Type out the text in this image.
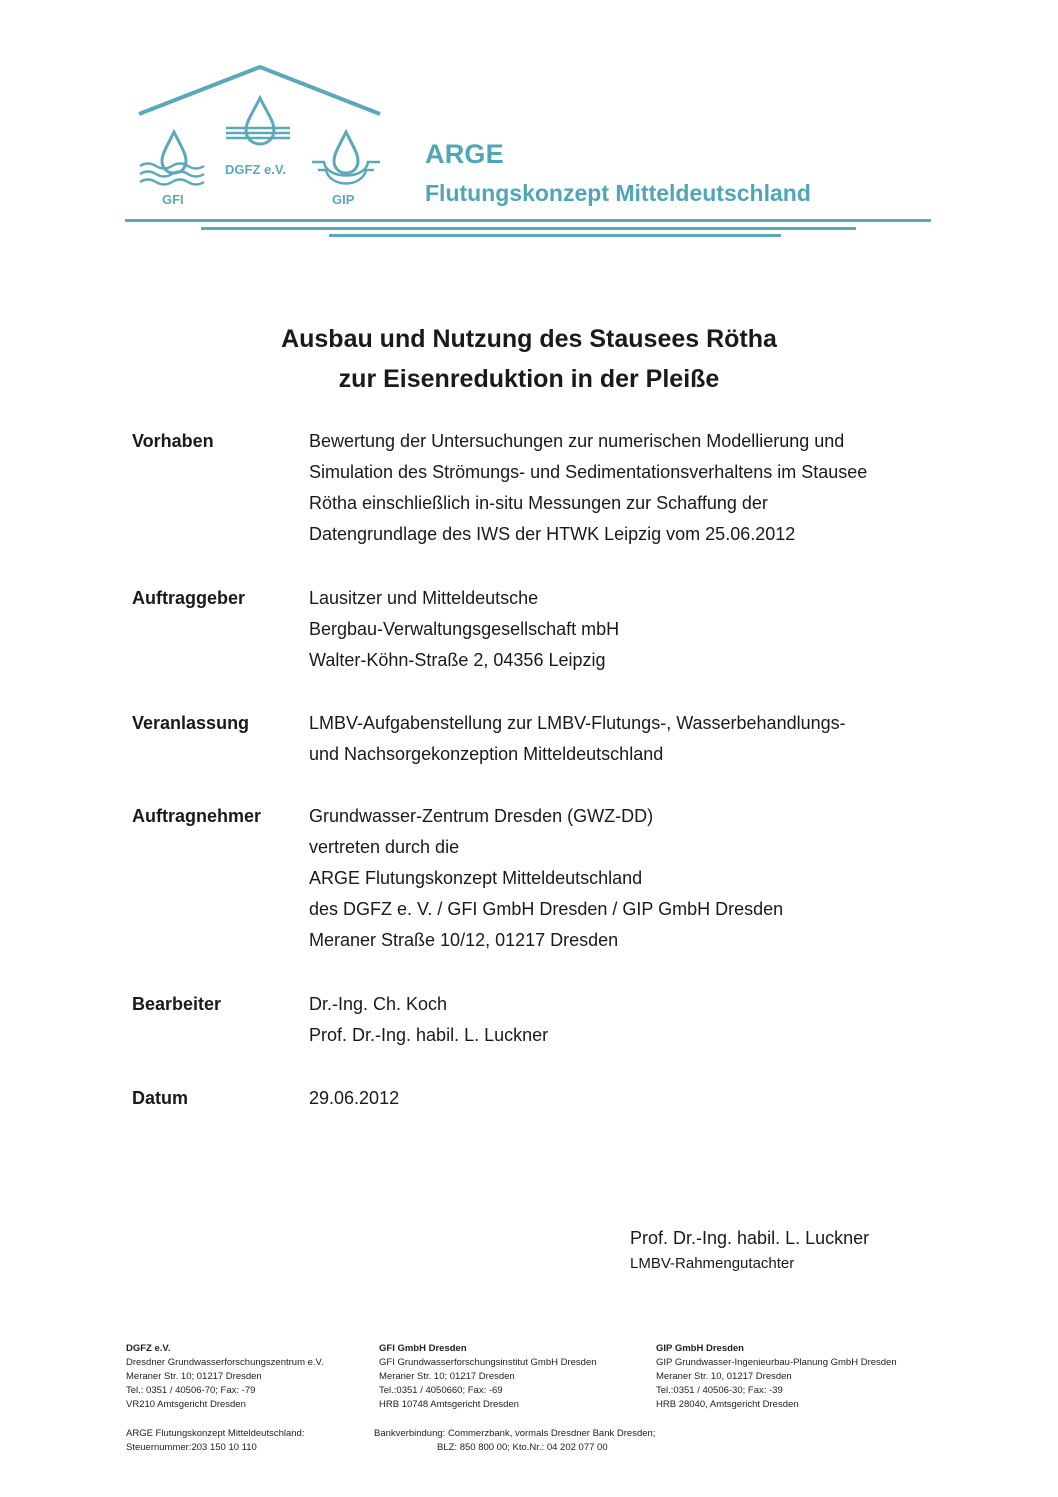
DGFZ e.V.
GFI	GIP
ARGE
Flutungskonzept Mitteldeutschland
Ausbau und Nutzung des Stausees Rötha
zur Eisenreduktion in der Pleiße
Vorhaben	Bewertung der Untersuchungen zur numerischen Modellierung und
Simulation des Strömungs- und Sedimentationsverhaltens im Stausee
Rötha einschließlich in-situ Messungen zur Schaffung der
Datengrundlage des IWS der HTWK Leipzig vom 25.06.2012
Auftraggeber	Lausitzer und Mitteldeutsche
Bergbau-Verwaltungsgesellschaft mbH
Walter-Köhn-Straße 2, 04356 Leipzig
Veranlassung	LMBV-Aufgabenstellung zur LMBV-Flutungs-, Wasserbehandlungs-
und Nachsorgekonzeption Mitteldeutschland
Auftragnehmer	Grundwasser-Zentrum Dresden (GWZ-DD)
vertreten durch die
ARGE Flutungskonzept Mitteldeutschland
des DGFZ e. V. / GFI GmbH Dresden / GIP GmbH Dresden
Meraner Straße 10/12, 01217 Dresden
Bearbeiter	Dr.-Ing. Ch. Koch
Prof. Dr.-Ing. habil. L. Luckner
Datum	29.06.2012
Prof. Dr.-Ing. habil. L. Luckner
LMBV-Rahmengutachter
DGFZ e.V.
Dresdner Grundwasserforschungszentrum e.V.
Meraner Str. 10; 01217 Dresden
Tel.: 0351 / 40506-70; Fax: -79
VR210 Amtsgericht Dresden
GFI GmbH Dresden
GFI Grundwasserforschungsinstitut GmbH Dresden
Meraner Str. 10; 01217 Dresden
Tel.:0351 / 4050660; Fax: -69
HRB 10748 Amtsgericht Dresden
GIP GmbH Dresden
GIP Grundwasser-Ingenieurbau-Planung GmbH Dresden
Meraner Str. 10, 01217 Dresden
Tel.:0351 / 40506-30; Fax: -39
HRB 28040, Amtsgericht Dresden
ARGE Flutungskonzept Mitteldeutschland:
Steuernummer:203 150 10 110
Bankverbindung: Commerzbank, vormals Dresdner Bank Dresden;
BLZ: 850 800 00; Kto.Nr.: 04 202 077 00
